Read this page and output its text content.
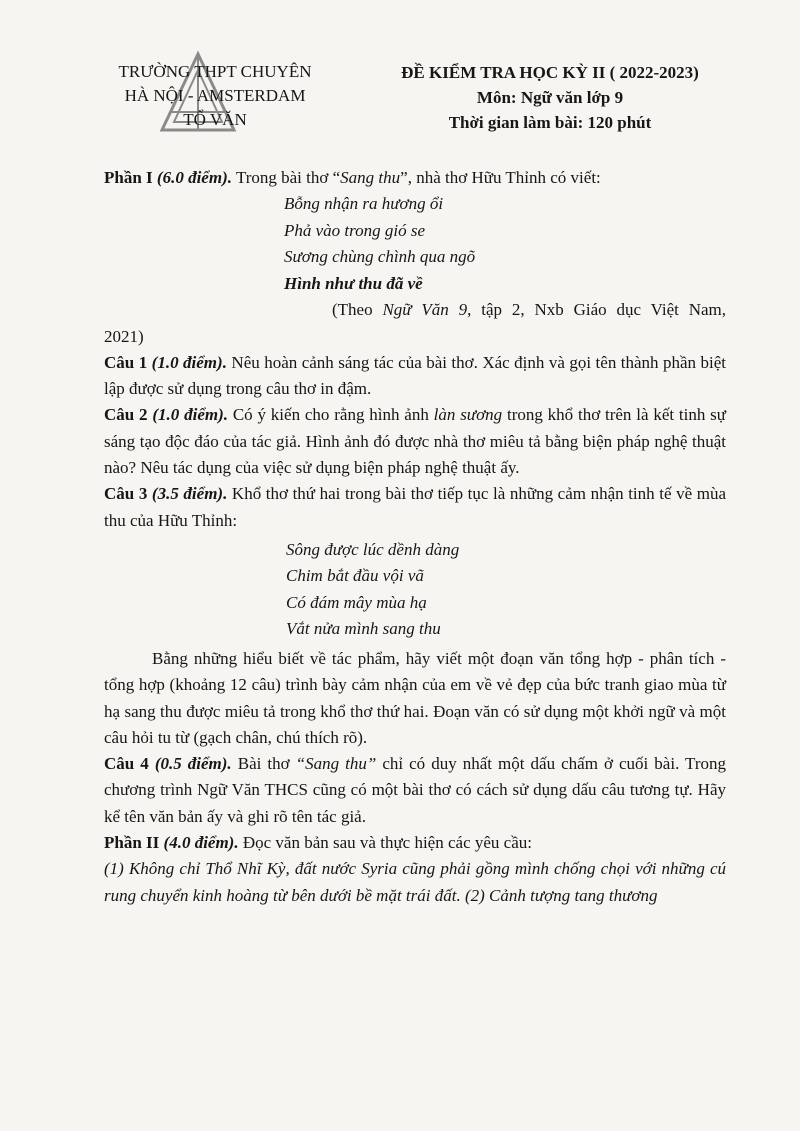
TRƯỜNG THPT CHUYÊN
HÀ NỘI - AMSTERDAM
TỔ VĂN
ĐỀ KIỂM TRA HỌC KỲ II ( 2022-2023)
Môn: Ngữ văn lớp 9
Thời gian làm bài: 120 phút

Phần I (6.0 điểm). Trong bài thơ “Sang thu”, nhà thơ Hữu Thỉnh có viết:

Bỗng nhận ra hương ổi

Phả vào trong gió se

Sương chùng chình qua ngõ

Hình như thu đã về

(Theo Ngữ Văn 9, tập 2, Nxb Giáo dục Việt Nam,

2021)

Câu 1 (1.0 điểm). Nêu hoàn cảnh sáng tác của bài thơ. Xác định và gọi tên thành phần biệt lập được sử dụng trong câu thơ in đậm.

Câu 2 (1.0 điểm). Có ý kiến cho rằng hình ảnh làn sương trong khổ thơ trên là kết tinh sự sáng tạo độc đáo của tác giả. Hình ảnh đó được nhà thơ miêu tả bằng biện pháp nghệ thuật nào? Nêu tác dụng của việc sử dụng biện pháp nghệ thuật ấy.

Câu 3 (3.5 điểm). Khổ thơ thứ hai trong bài thơ tiếp tục là những cảm nhận tinh tế về mùa thu của Hữu Thỉnh:

Sông được lúc dềnh dàng

Chim bắt đầu vội vã

Có đám mây mùa hạ

Vắt nửa mình sang thu

Bằng những hiểu biết về tác phẩm, hãy viết một đoạn văn tổng hợp - phân tích - tổng hợp (khoảng 12 câu) trình bày cảm nhận của em về vẻ đẹp của bức tranh giao mùa từ hạ sang thu được miêu tả trong khổ thơ thứ hai. Đoạn văn có sử dụng một khởi ngữ và một câu hỏi tu từ (gạch chân, chú thích rõ).

Câu 4 (0.5 điểm). Bài thơ “Sang thu” chỉ có duy nhất một dấu chấm ở cuối bài. Trong chương trình Ngữ Văn THCS cũng có một bài thơ có cách sử dụng dấu câu tương tự. Hãy kể tên văn bản ấy và ghi rõ tên tác giả.

Phần II (4.0 điểm). Đọc văn bản sau và thực hiện các yêu cầu:

(1) Không chỉ Thổ Nhĩ Kỳ, đất nước Syria cũng phải gồng mình chống chọi với những cú rung chuyển kinh hoàng từ bên dưới bề mặt trái đất. (2) Cảnh tượng tang thương
